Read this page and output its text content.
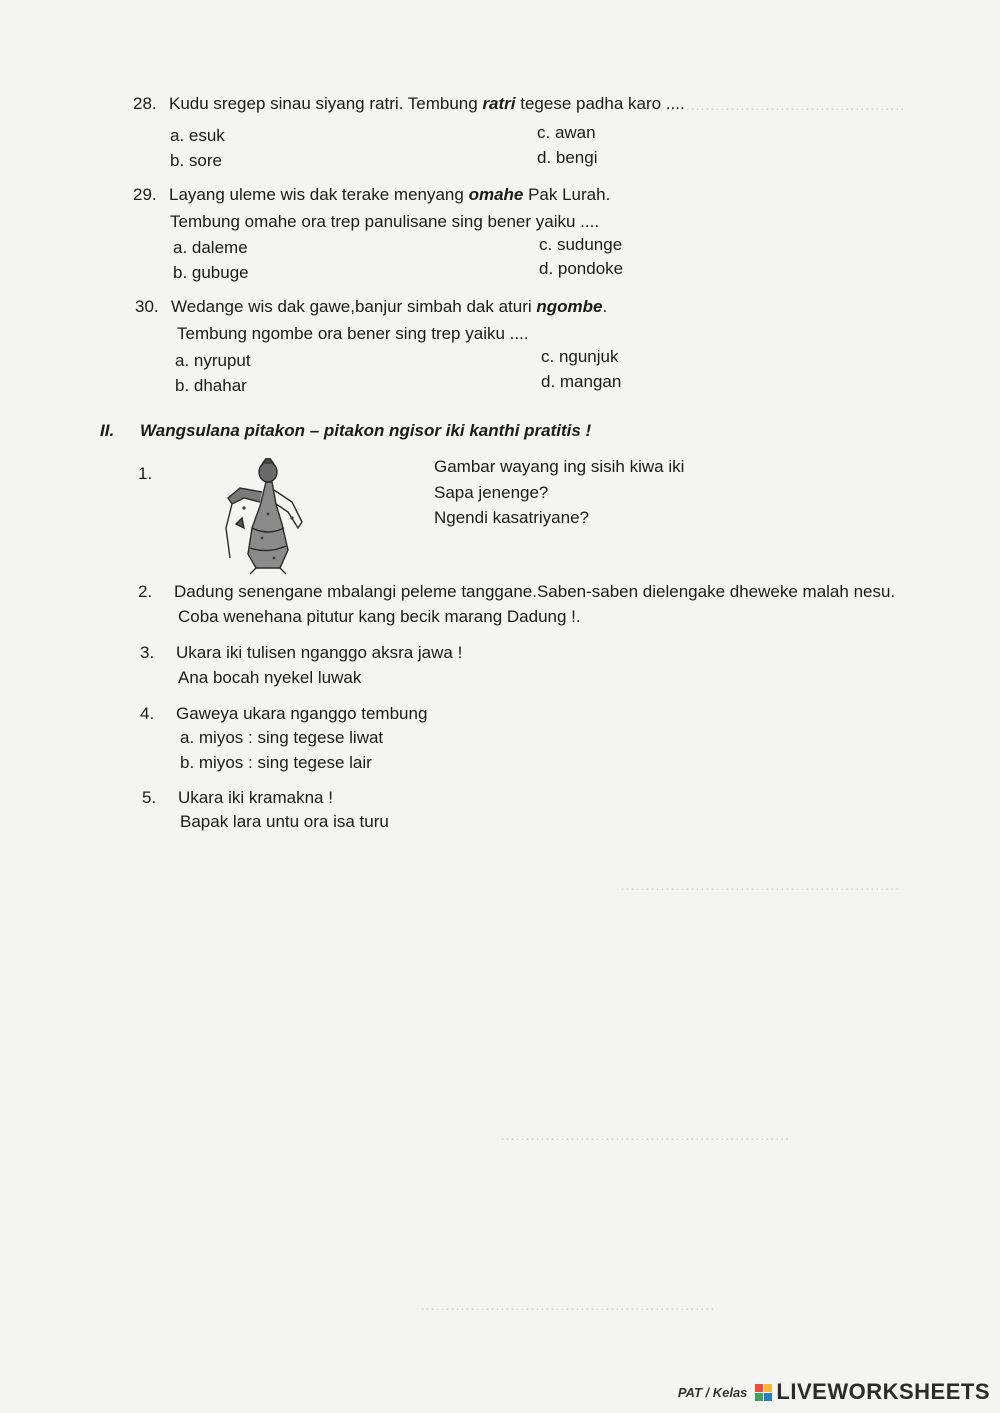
·····················································
························································
··························································
···························································
28. Kudu sregep sinau siyang ratri. Tembung ratri tegese padha karo ....
a. esuk
b. sore
c. awan
d. bengi
29. Layang uleme wis dak terake menyang omahe Pak Lurah.
Tembung omahe ora trep panulisane sing bener yaiku ....
a. daleme
b. gubuge
c. sudunge
d. pondoke
30. Wedange wis dak gawe,banjur simbah dak aturi ngombe.
Tembung ngombe ora bener sing trep yaiku ....
a. nyruput
b. dhahar
c. ngunjuk
d. mangan
II. Wangsulana pitakon – pitakon ngisor iki kanthi pratitis !
1.	Gambar wayang ing sisih kiwa iki
Sapa jenenge?
Ngendi kasatriyane?
2. Dadung senengane mbalangi peleme tanggane.Saben-saben dielengake dheweke malah nesu.
Coba wenehana pitutur kang becik marang Dadung !.
3. Ukara iki tulisen nganggo aksra jawa !
Ana bocah nyekel luwak
4. Gaweya ukara nganggo tembung
a. miyos : sing tegese liwat
b. miyos : sing tegese lair
5. Ukara iki kramakna !
Bapak lara untu ora isa turu
PAT / Kelas LIVEWORKSHEETS
